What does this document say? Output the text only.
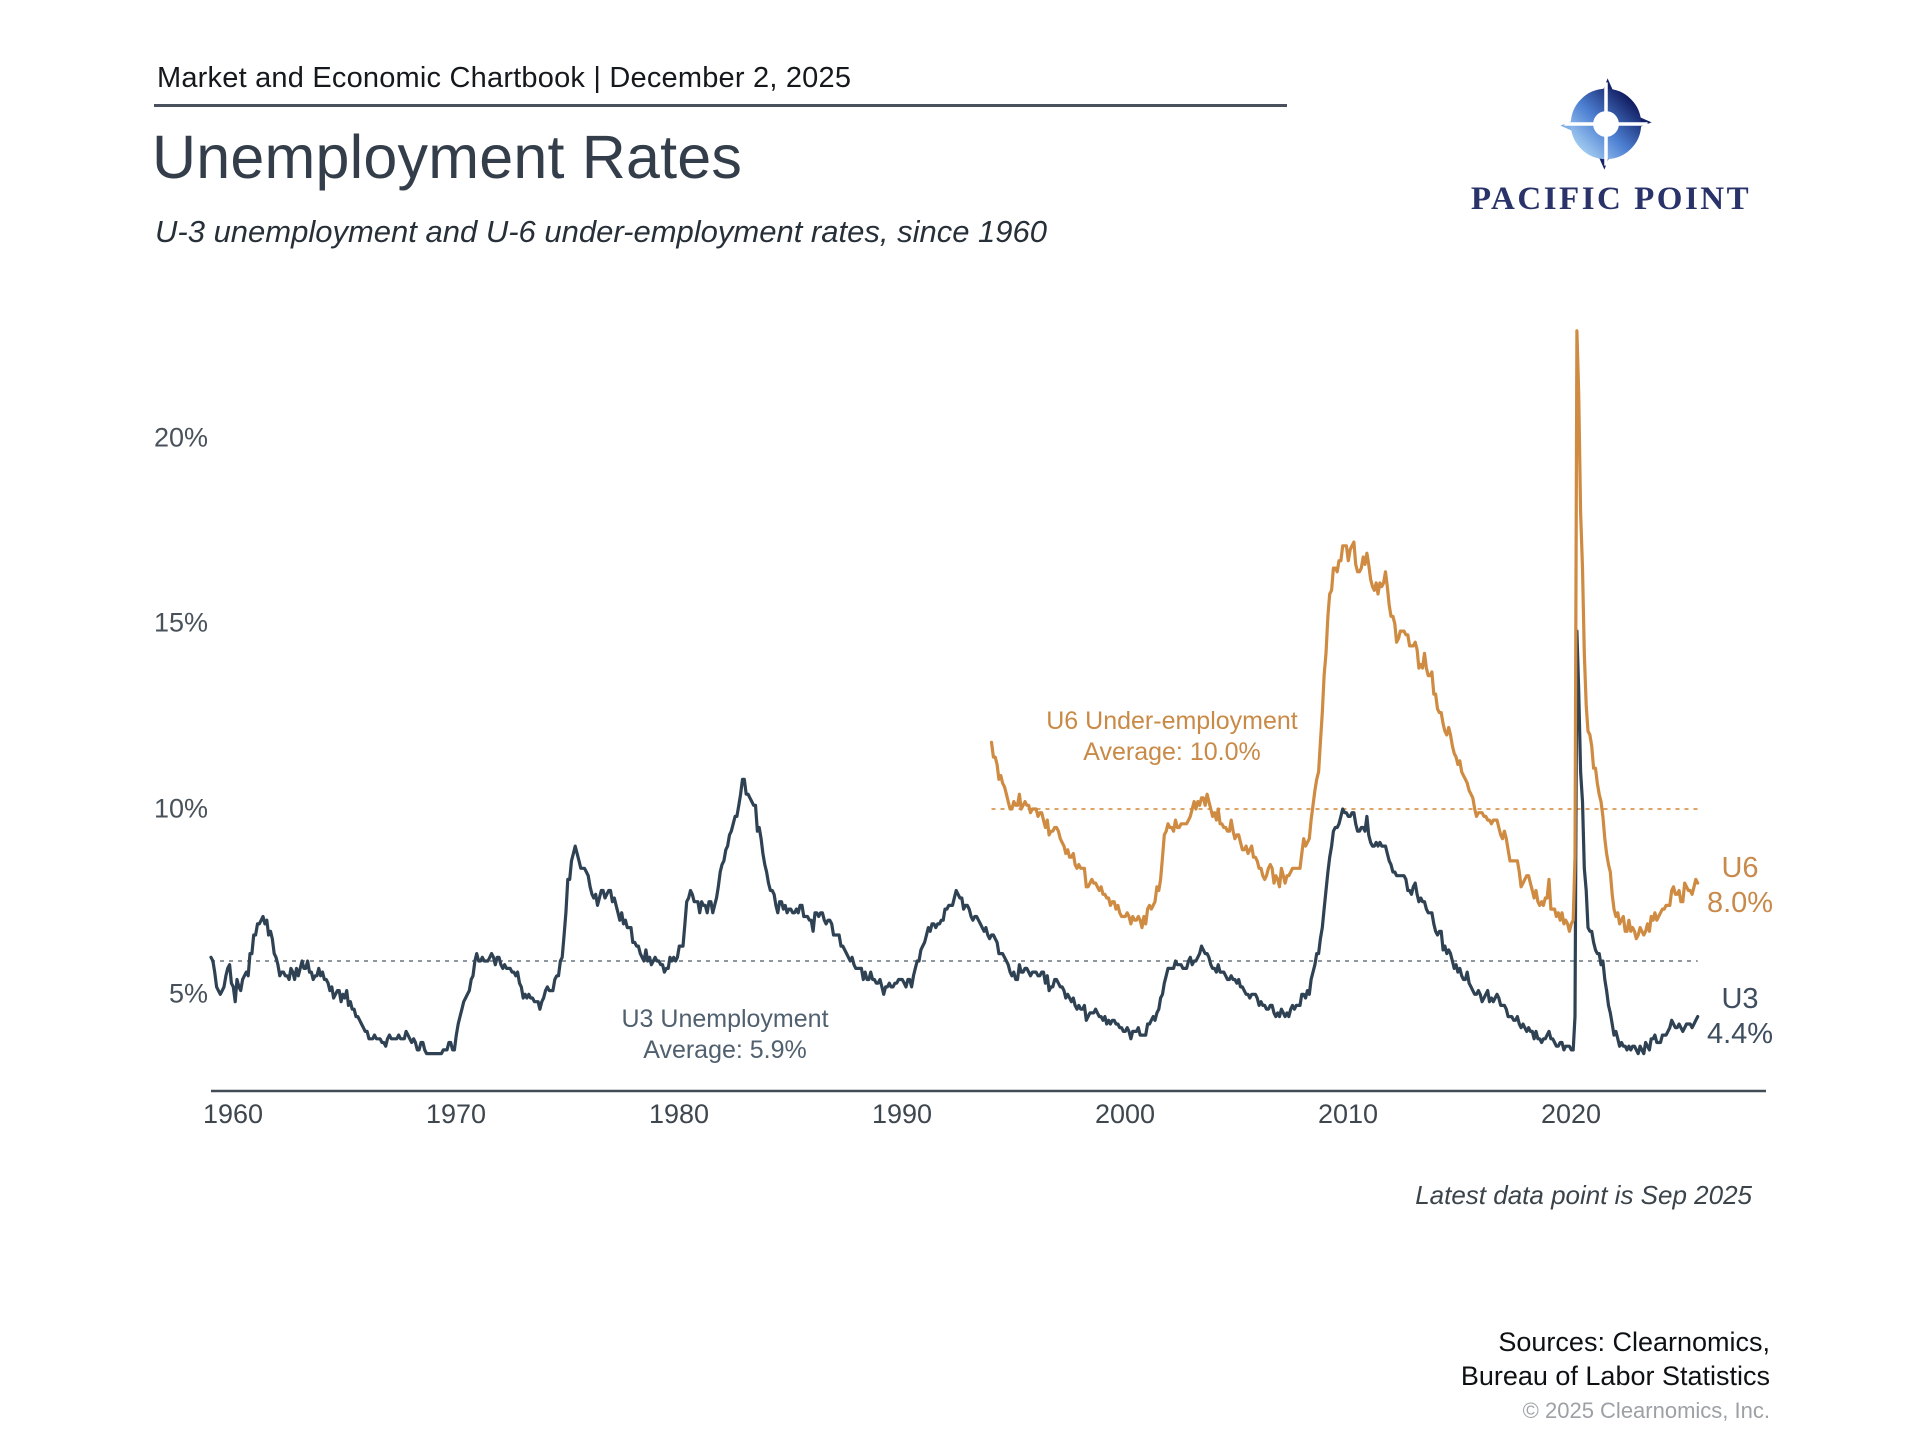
Market and Economic Chartbook | December 2, 2025
Unemployment Rates
U-3 unemployment and U-6 under-employment rates, since 1960
PACIFIC POINT
20%
15%
10%
5%
1960	1970	1980	1990	2000	2010	2020
U6 Under-employment
Average: 10.0%
U3 Unemployment
Average: 5.9%
U6
8.0%
U3
4.4%
Latest data point is Sep 2025
Sources: Clearnomics,
Bureau of Labor Statistics
© 2025 Clearnomics, Inc.
